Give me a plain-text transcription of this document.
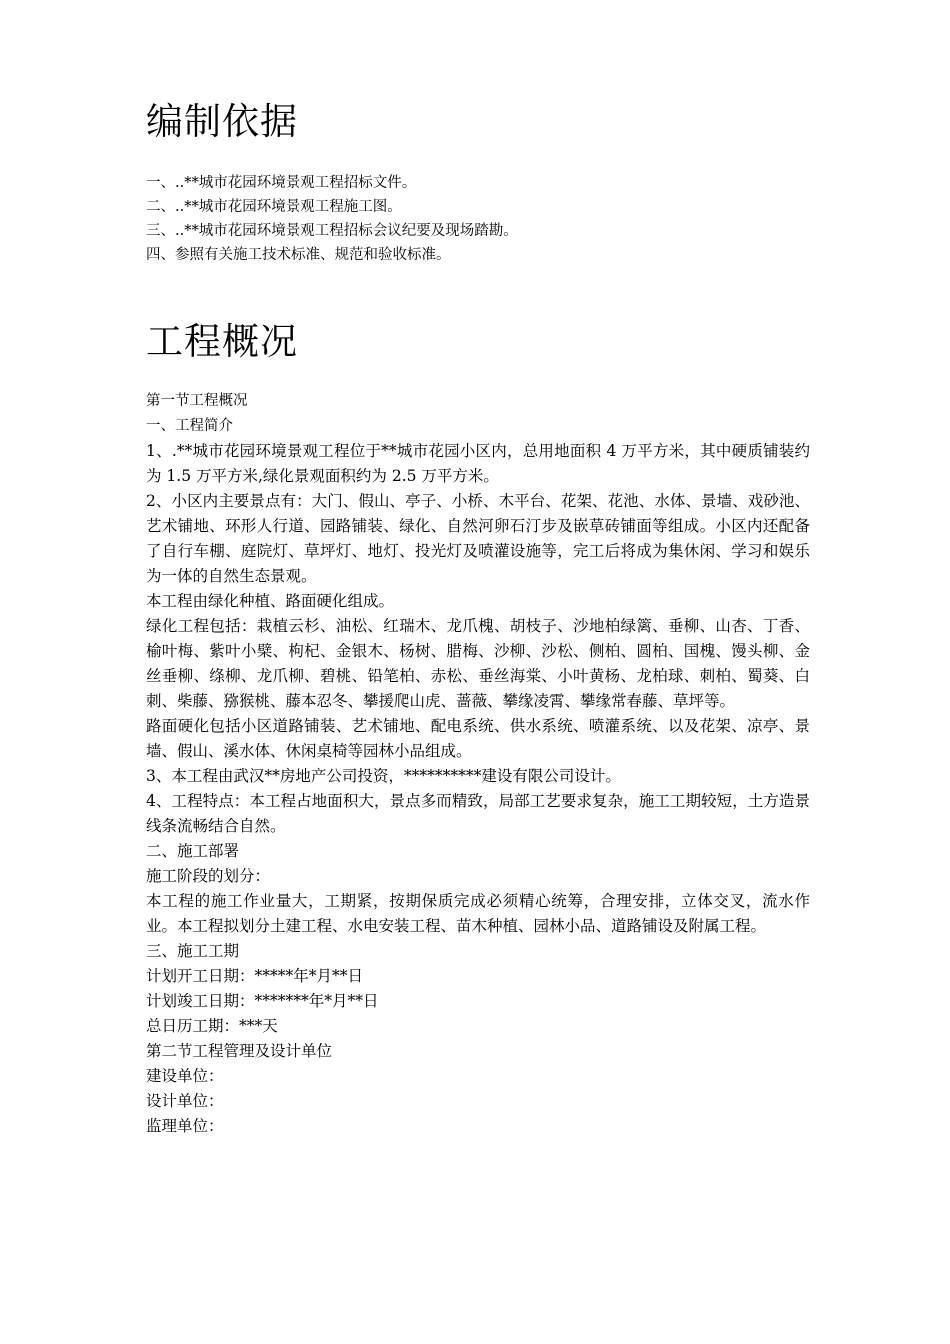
编制依据
一、..**城市花园环境景观工程招标文件。
二、..**城市花园环境景观工程施工图。
三、..**城市花园环境景观工程招标会议纪要及现场踏勘。
四、参照有关施工技术标准、规范和验收标准。
工程概况

第一节工程概况

一、工程简介

1、.**城市花园环境景观工程位于**城市花园小区内，总用地面积 4 万平方米，其中硬质铺装约为 1.5 万平方米,绿化景观面积约为 2.5 万平方米。

2、小区内主要景点有：大门、假山、亭子、小桥、木平台、花架、花池、水体、景墙、戏砂池、艺术铺地、环形人行道、园路铺装、绿化、自然河卵石汀步及嵌草砖铺面等组成。小区内还配备了自行车棚、庭院灯、草坪灯、地灯、投光灯及喷灌设施等，完工后将成为集休闲、学习和娱乐为一体的自然生态景观。

本工程由绿化种植、路面硬化组成。

绿化工程包括：栽植云杉、油松、红瑞木、龙爪槐、胡枝子、沙地柏绿篱、垂柳、山杏、丁香、榆叶梅、紫叶小檗、枸杞、金银木、杨树、腊梅、沙柳、沙松、侧柏、圆柏、国槐、馒头柳、金丝垂柳、绦柳、龙爪柳、碧桃、铅笔柏、赤松、垂丝海棠、小叶黄杨、龙柏球、刺柏、蜀葵、白刺、柴藤、猕猴桃、藤本忍冬、攀援爬山虎、蔷薇、攀缘凌霄、攀缘常春藤、草坪等。

路面硬化包括小区道路铺装、艺术铺地、配电系统、供水系统、喷灌系统、以及花架、凉亭、景墙、假山、溪水体、休闲桌椅等园林小品组成。

3、本工程由武汉**房地产公司投资，**********建设有限公司设计。

4、工程特点：本工程占地面积大，景点多而精致，局部工艺要求复杂，施工工期较短，土方造景线条流畅结合自然。

二、施工部署

施工阶段的划分：

本工程的施工作业量大，工期紧，按期保质完成必须精心统筹，合理安排，立体交叉，流水作业。本工程拟划分土建工程、水电安装工程、苗木种植、园林小品、道路铺设及附属工程。

三、施工工期

计划开工日期：*****年*月**日

计划竣工日期：*******年*月**日

总日历工期：***天

第二节工程管理及设计单位

建设单位：

设计单位：

监理单位：
